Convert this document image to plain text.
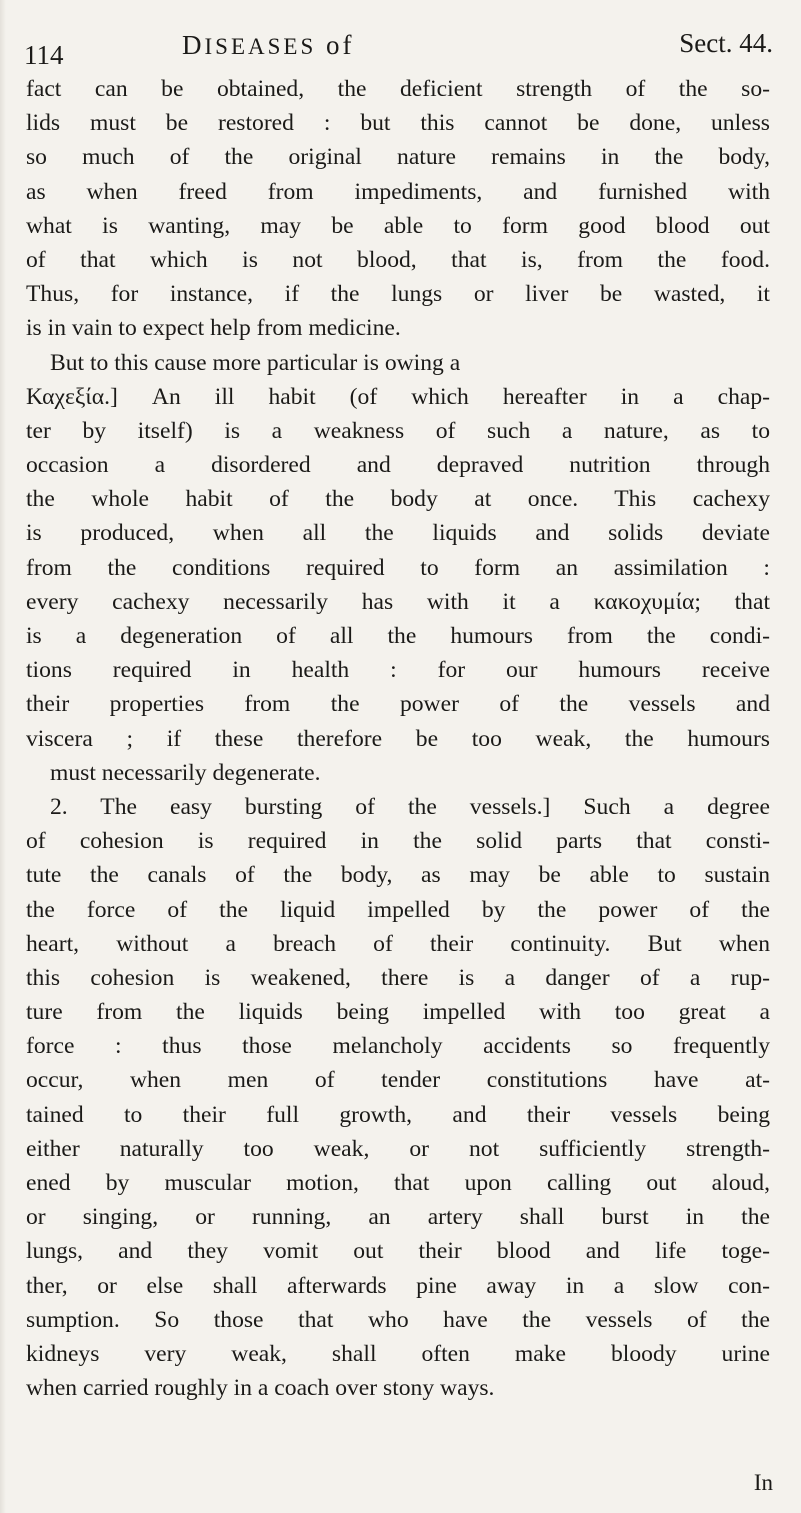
114	DISEASES of	Sect. 44.
fact can be obtained, the deficient strength of the so-
lids must be restored : but this cannot be done, unless
so much of the original nature remains in the body,
as when freed from impediments, and furnished with
what is wanting, may be able to form good blood out
of that which is not blood, that is, from the food.
Thus, for instance, if the lungs or liver be wasted, it
is in vain to expect help from medicine.
But to this cause more particular is owing a
Καχεξία.] An ill habit (of which hereafter in a chap-
ter by itself) is a weakness of such a nature, as to
occasion a disordered and depraved nutrition through
the whole habit of the body at once. This cachexy
is produced, when all the liquids and solids deviate
from the conditions required to form an assimilation :
every cachexy necessarily has with it a κακοχυμία; that
is a degeneration of all the humours from the condi-
tions required in health : for our humours receive
their properties from the power of the vessels and
viscera ; if these therefore be too weak, the humours
must necessarily degenerate.
2. The easy bursting of the vessels.] Such a degree
of cohesion is required in the solid parts that consti-
tute the canals of the body, as may be able to sustain
the force of the liquid impelled by the power of the
heart, without a breach of their continuity. But when
this cohesion is weakened, there is a danger of a rup-
ture from the liquids being impelled with too great a
force : thus those melancholy accidents so frequently
occur, when men of tender constitutions have at-
tained to their full growth, and their vessels being
either naturally too weak, or not sufficiently strength-
ened by muscular motion, that upon calling out aloud,
or singing, or running, an artery shall burst in the
lungs, and they vomit out their blood and life toge-
ther, or else shall afterwards pine away in a slow con-
sumption. So those that who have the vessels of the
kidneys very weak, shall often make bloody urine
when carried roughly in a coach over stony ways.
In
